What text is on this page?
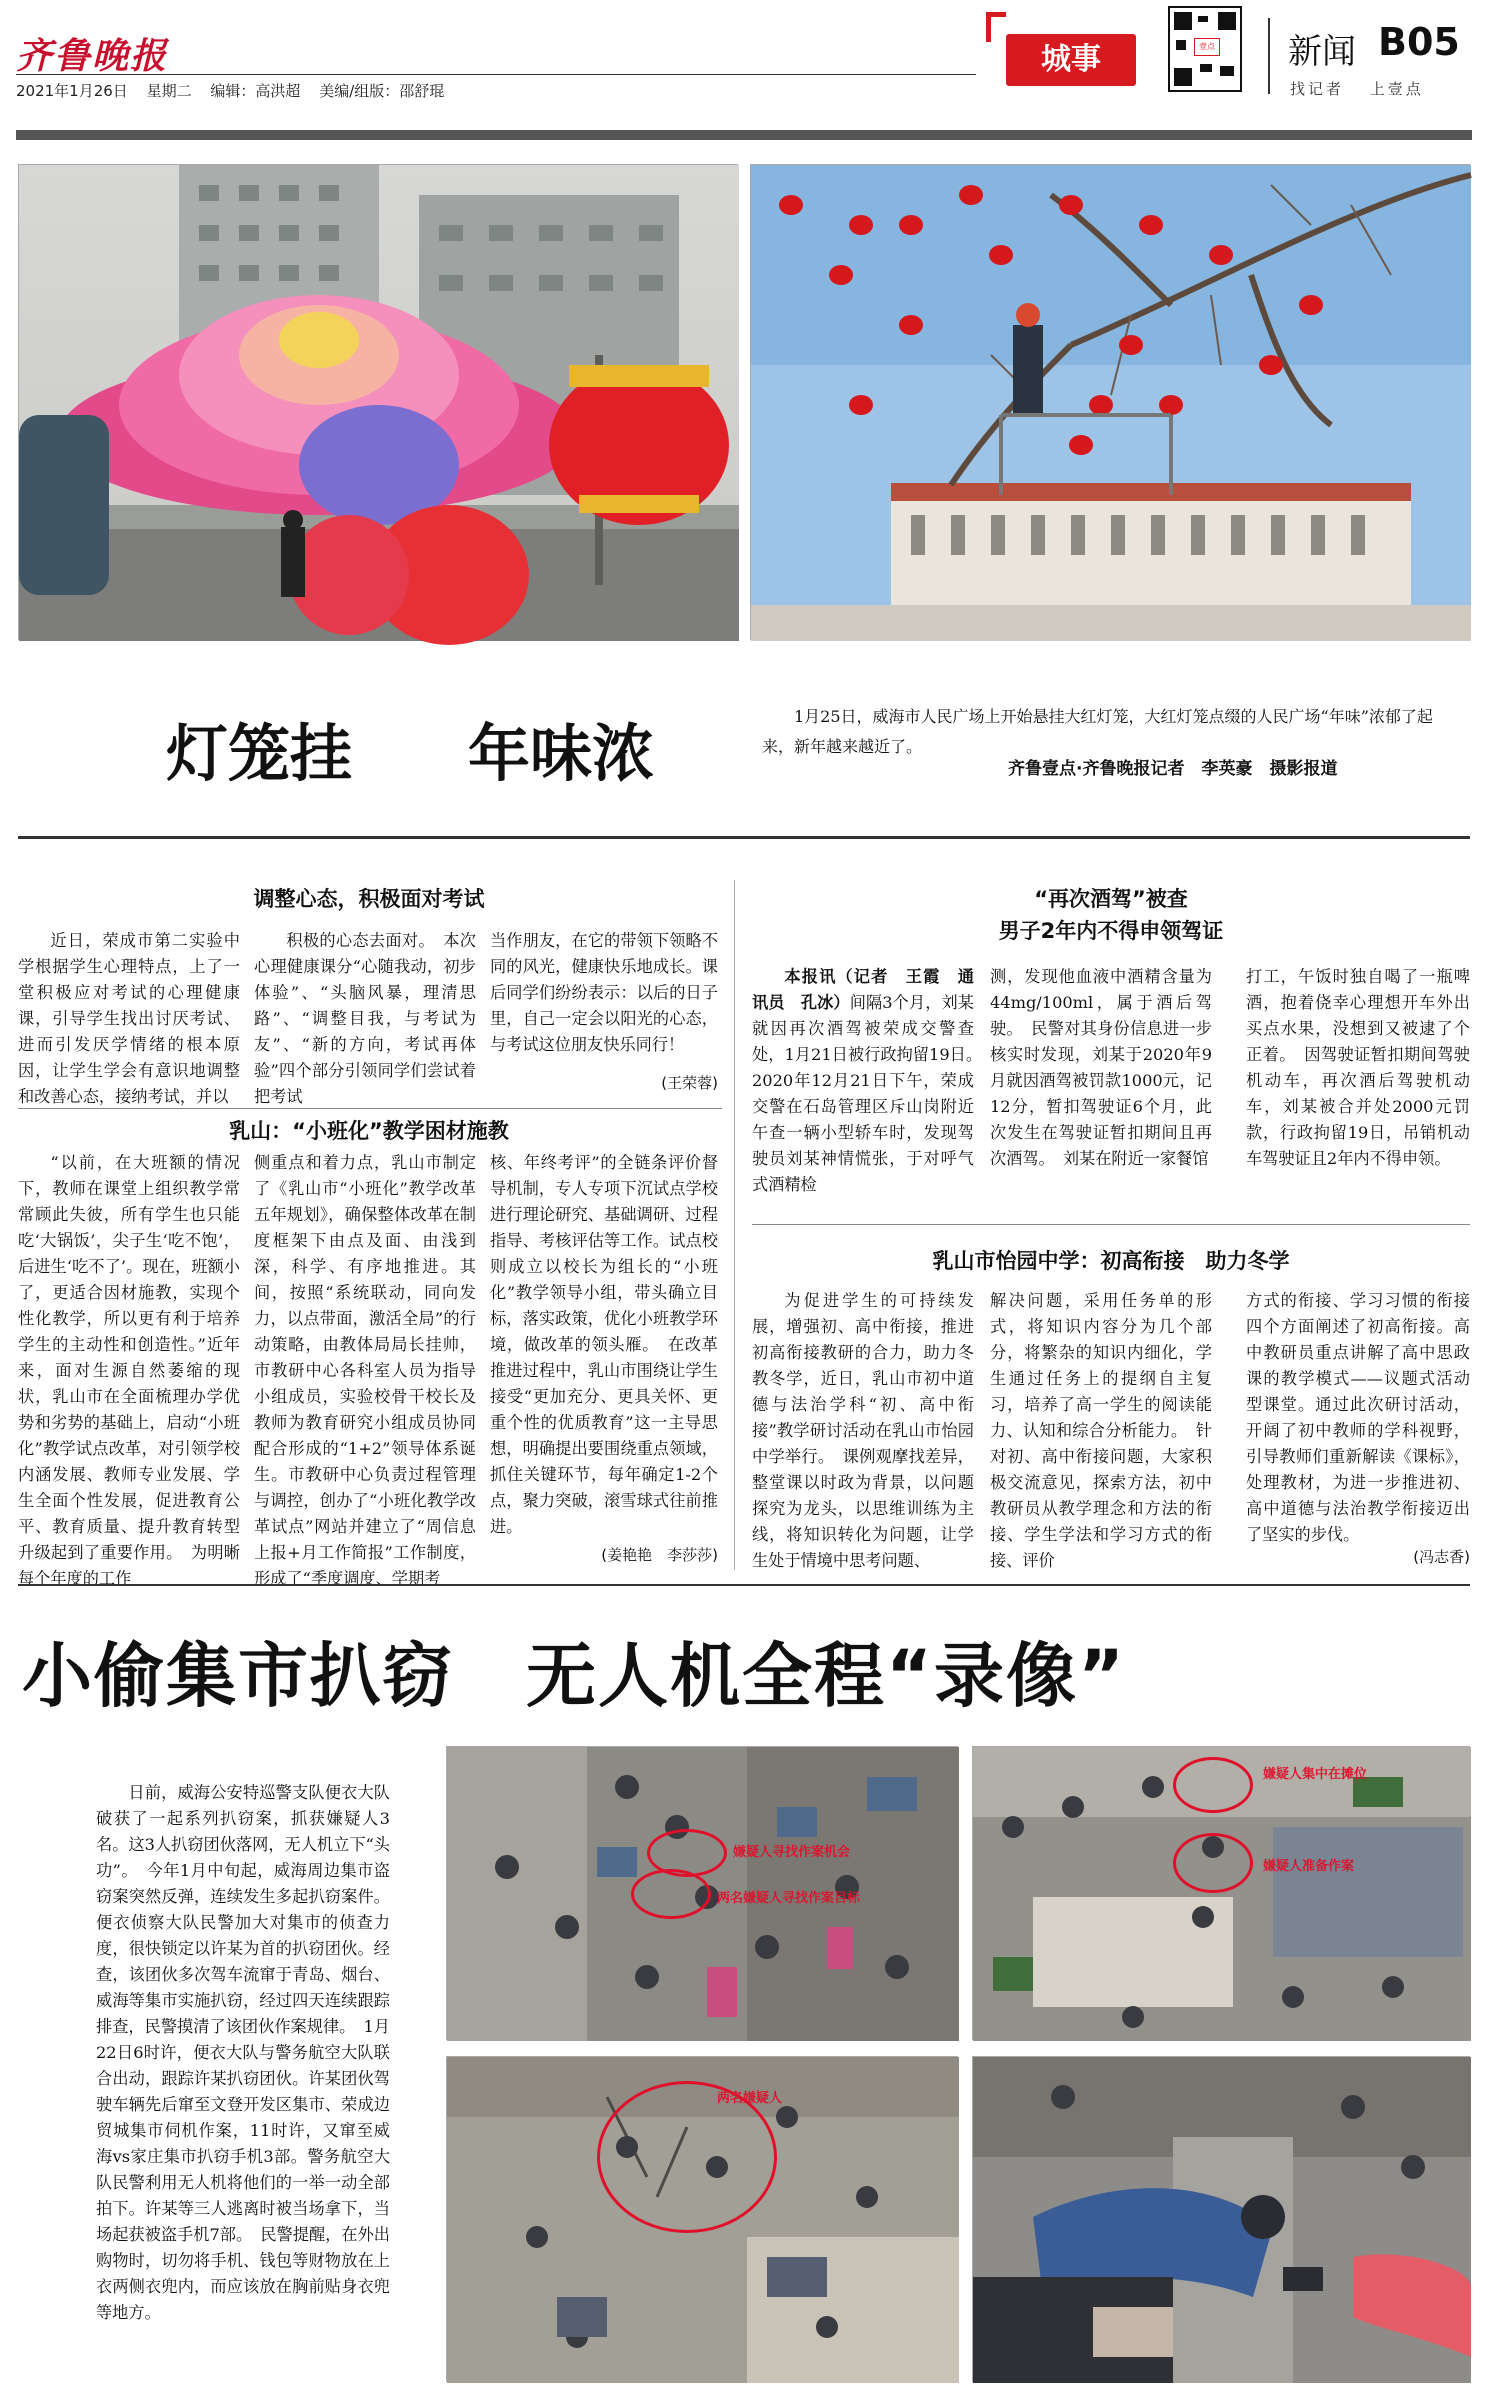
齐鲁晚报
2021年1月26日 星期二 编辑：高洪超 美编/组版：邵舒琨
城事	壹点 新闻 B05
找记者 上壹点
灯笼挂 年味浓
1月25日，威海市人民广场上开始悬挂大红灯笼，大红灯笼点缀的人民广场“年味”浓郁了起来，新年越来越近了。
齐鲁壹点·齐鲁晚报记者　李英豪　摄影报道
调整心态，积极面对考试

近日，荣成市第二实验中学根据学生心理特点，上了一堂积极应对考试的心理健康课，引导学生找出讨厌考试、进而引发厌学情绪的根本原因，让学生学会有意识地调整和改善心态，接纳考试，并以

积极的心态去面对。　本次心理健康课分“心随我动，初步体验”、“头脑风暴，理清思路”、“调整目我，与考试为友”、“新的方向，考试再体验”四个部分引领同学们尝试着把考试

当作朋友，在它的带领下领略不同的风光，健康快乐地成长。课后同学们纷纷表示：以后的日子里，自己一定会以阳光的心态，与考试这位朋友快乐同行！

(王荣蓉)
乳山：“小班化”教学困材施教

“以前，在大班额的情况下，教师在课堂上组织教学常常顾此失彼，所有学生也只能吃‘大锅饭’，尖子生‘吃不饱’，后进生‘吃不了’。现在，班额小了，更适合因材施教，实现个性化教学，所以更有利于培养学生的主动性和创造性。”近年来，面对生源自然萎缩的现状，乳山市在全面梳理办学优势和劣势的基础上，启动“小班化”教学试点改革，对引领学校内涵发展、教师专业发展、学生全面个性发展，促进教育公平、教育质量、提升教育转型升级起到了重要作用。　为明晰每个年度的工作

侧重点和着力点，乳山市制定了《乳山市“小班化”教学改革五年规划》，确保整体改革在制度框架下由点及面、由浅到深，科学、有序地推进。其间，按照“系统联动，同向发力，以点带面，激活全局”的行动策略，由教体局局长挂帅，市教研中心各科室人员为指导小组成员，实验校骨干校长及教师为教育研究小组成员协同配合形成的“1+2”领导体系诞生。市教研中心负责过程管理与调控，创办了“小班化教学改革试点”网站并建立了“周信息上报+月工作简报”工作制度，形成了“季度调度、学期考

核、年终考评”的全链条评价督导机制，专人专项下沉试点学校进行理论研究、基础调研、过程指导、考核评估等工作。试点校则成立以校长为组长的“小班化”教学领导小组，带头确立目标，落实政策，优化小班教学环境，做改革的领头雁。　在改革推进过程中，乳山市围绕让学生接受“更加充分、更具关怀、更重个性的优质教育”这一主导思想，明确提出要围绕重点领域，抓住关键环节，每年确定1-2个点，聚力突破，滚雪球式往前推进。

(姜艳艳　李莎莎)
“再次酒驾”被查
男子2年内不得申领驾证

本报讯（记者　王霞　通讯员　孔冰）间隔3个月，刘某就因再次酒驾被荣成交警查处，1月21日被行政拘留19日。　2020年12月21日下午，荣成交警在石岛管理区斥山岗附近午查一辆小型轿车时，发现驾驶员刘某神情慌张，于对呼气式酒精检

测，发现他血液中酒精含量为44mg/100ml，属于酒后驾驶。　民警对其身份信息进一步核实时发现，刘某于2020年9月就因酒驾被罚款1000元，记12分，暂扣驾驶证6个月，此次发生在驾驶证暂扣期间且再次酒驾。　刘某在附近一家餐馆

打工，午饭时独自喝了一瓶啤酒，抱着侥幸心理想开车外出买点水果，没想到又被逮了个正着。　因驾驶证暂扣期间驾驶机动车，再次酒后驾驶机动车，刘某被合并处2000元罚款，行政拘留19日，吊销机动车驾驶证且2年内不得申领。

乳山市怡园中学：初高衔接　助力冬学

为促进学生的可持续发展，增强初、高中衔接，推进初高衔接教研的合力，助力冬教冬学，近日，乳山市初中道德与法治学科“初、高中衔接”教学研讨活动在乳山市怡园中学举行。　课例观摩找差异，整堂课以时政为背景，以问题探究为龙头，以思维训练为主线，将知识转化为问题，让学生处于情境中思考问题、

解决问题，采用任务单的形式，将知识内容分为几个部分，将繁杂的知识内细化，学生通过任务上的提纲自主复习，培养了高一学生的阅读能力、认知和综合分析能力。　针对初、高中衔接问题，大家积极交流意见，探索方法，初中教研员从教学理念和方法的衔接、学生学法和学习方式的衔接、评价

方式的衔接、学习习惯的衔接四个方面阐述了初高衔接。高中教研员重点讲解了高中思政课的教学模式——议题式活动型课堂。通过此次研讨活动，开阔了初中教师的学科视野，引导教师们重新解读《课标》，处理教材，为进一步推进初、高中道德与法治教学衔接迈出了坚实的步伐。

(冯志香)
小偷集市扒窃　无人机全程“录像”

日前，威海公安特巡警支队便衣大队破获了一起系列扒窃案，抓获嫌疑人3名。这3人扒窃团伙落网，无人机立下“头功”。　今年1月中旬起，威海周边集市盗窃案突然反弹，连续发生多起扒窃案件。便衣侦察大队民警加大对集市的侦查力度，很快锁定以许某为首的扒窃团伙。经查，该团伙多次驾车流窜于青岛、烟台、威海等集市实施扒窃，经过四天连续跟踪排查，民警摸清了该团伙作案规律。　1月22日6时许，便衣大队与警务航空大队联合出动，跟踪许某扒窃团伙。许某团伙驾驶车辆先后窜至文登开发区集市、荣成边贸城集市伺机作案，11时许，又窜至威海vs家庄集市扒窃手机3部。警务航空大队民警利用无人机将他们的一举一动全部拍下。许某等三人逃离时被当场拿下，当场起获被盗手机7部。　民警提醒，在外出购物时，切勿将手机、钱包等财物放在上衣两侧衣兜内，而应该放在胸前贴身衣兜等地方。

嫌疑人寻找作案机会
两名嫌疑人寻找作案目标
嫌疑人集中在摊位
嫌疑人准备作案
两名嫌疑人
